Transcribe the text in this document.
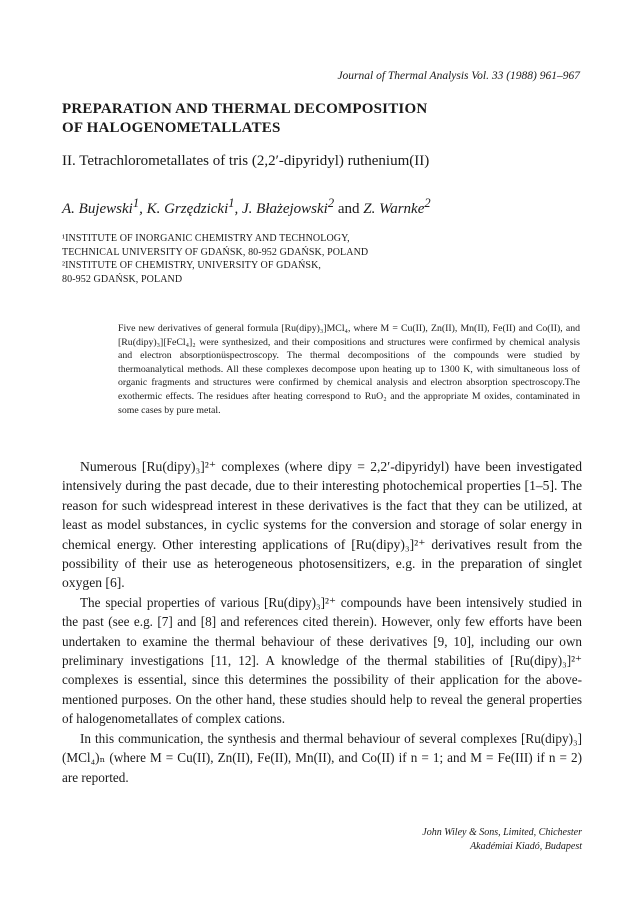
Journal of Thermal Analysis Vol. 33 (1988) 961–967
PREPARATION AND THERMAL DECOMPOSITION
OF HALOGENOMETALLATES
II. Tetrachlorometallates of tris (2,2′-dipyridyl) ruthenium(II)
A. Bujewski$^1$, K. Grzędzicki$^1$, J. Błażejowski$^2$ and Z. Warnke$^2$
¹INSTITUTE OF INORGANIC CHEMISTRY AND TECHNOLOGY,
TECHNICAL UNIVERSITY OF GDAŃSK, 80-952 GDAŃSK, POLAND
²INSTITUTE OF CHEMISTRY, UNIVERSITY OF GDAŃSK,
80-952 GDAŃSK, POLAND
Five new derivatives of general formula [Ru(dipy)₃]MCl₄, where M = Cu(II), Zn(II), Mn(II), Fe(II) and Co(II), and [Ru(dipy)₃][FeCl₄]₂ were synthesized, and their compositions and structures were confirmed by chemical analysis and electron absorptionüspectroscopy. The thermal decompositions of the compounds were studied by thermoanalytical methods. All these complexes decompose upon heating up to 1300 K, with simultaneous loss of organic fragments and structures were confirmed by chemical analysis and electron absorption spectroscopy.The exothermic effects. The residues after heating correspond to RuO₂ and the appropriate M oxides, contaminated in some cases by pure metal.

Numerous [Ru(dipy)₃]²⁺ complexes (where dipy = 2,2′-dipyridyl) have been investigated intensively during the past decade, due to their interesting photochemical properties [1–5]. The reason for such widespread interest in these derivatives is the fact that they can be utilized, at least as model substances, in cyclic systems for the conversion and storage of solar energy in chemical energy. Other interesting applications of [Ru(dipy)₃]²⁺ derivatives result from the possibility of their use as heterogeneous photosensitizers, e.g. in the preparation of singlet oxygen [6].

The special properties of various [Ru(dipy)₃]²⁺ compounds have been intensively studied in the past (see e.g. [7] and [8] and references cited therein). However, only few efforts have been undertaken to examine the thermal behaviour of these derivatives [9, 10], including our own preliminary investigations [11, 12]. A knowledge of the thermal stabilities of [Ru(dipy)₃]²⁺ complexes is essential, since this determines the possibility of their application for the above-mentioned purposes. On the other hand, these studies should help to reveal the general properties of halogenometallates of complex cations.

In this communication, the synthesis and thermal behaviour of several complexes [Ru(dipy)₃](MCl₄)ₙ (where M = Cu(II), Zn(II), Fe(II), Mn(II), and Co(II) if n = 1; and M = Fe(III) if n = 2) are reported.

John Wiley & Sons, Limited, Chichester
Akadémiai Kiadó, Budapest
